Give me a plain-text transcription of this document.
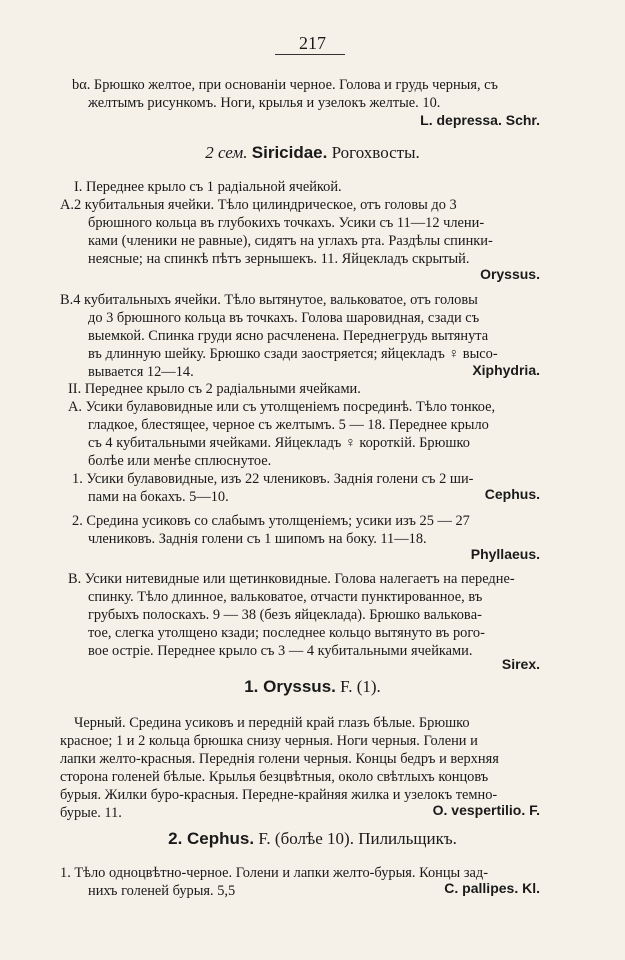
217
bα. Брюшко желтое, при основаніи черное. Голова и грудь черныя, съ
желтымъ рисункомъ. Ноги, крылья и узелокъ желтые. 10.
L. depressa. Schr.
2 сем. Siricidae. Рогохвосты.
I. Переднее крыло съ 1 радіальной ячейкой.
A.2 кубитальныя ячейки. Тѣло цилиндрическое, отъ головы до 3
брюшного кольца въ глубокихъ точкахъ. Усики съ 11—12 члени-
ками (членики не равные), сидятъ на углахъ рта. Раздѣлы спинки-
неясные; на спинкѣ пѣтъ зернышекъ. 11. Яйцекладъ скрытый.
Oryssus.
B.4 кубитальныхъ ячейки. Тѣло вытянутое, вальковатое, отъ головы
до 3 брюшного кольца въ точкахъ. Голова шаровидная, сзади съ
выемкой. Спинка груди ясно расчленена. Переднегрудь вытянута
въ длинную шейку. Брюшко сзади заостряется; яйцекладъ ♀ высо-
вывается 12—14.	Xiphydria.
II. Переднее крыло съ 2 радіальными ячейками.
A. Усики булавовидные или съ утолщеніемъ посрединѣ. Тѣло тонкое,
гладкое, блестящее, черное съ желтымъ. 5 — 18. Переднее крыло
съ 4 кубитальными ячейками. Яйцекладъ ♀ короткій. Брюшко
болѣе или менѣе сплюснутое.
1. Усики булавовидные, изъ 22 члениковъ. Заднія голени съ 2 ши-
пами на бокахъ. 5—10.	Cephus.
2. Средина усиковъ со слабымъ утолщеніемъ; усики изъ 25 — 27
члениковъ. Заднія голени съ 1 шипомъ на боку. 11—18.
Phyllaeus.
B. Усики нитевидные или щетинковидные. Голова налегаетъ на передне-
спинку. Тѣло длинное, вальковатое, отчасти пунктированное, въ
грубыхъ полоскахъ. 9 — 38 (безъ яйцеклада). Брюшко вальковa-
тое, слегка утолщено кзади; последнее кольцо вытянуто въ рого-
вое остріе. Переднее крыло съ 3 — 4 кубитальными ячейками.
Sirex.
1. Oryssus. F. (1).
Черный. Средина усиковъ и передній край глазъ бѣлые. Брюшко
красное; 1 и 2 кольца брюшка снизу черныя. Ноги черныя. Голени и
лапки желто-красныя. Переднія голени черныя. Концы бедръ и верхняя
сторона голеней бѣлые. Крылья безцвѣтныя, около свѣтлыхъ концовъ
бурыя. Жилки буро-красныя. Передне-крайняя жилка и узелокъ темно-
бурые. 11.	O. vespertilio. F.
2. Cephus. F. (болѣе 10). Пилильщикъ.
1. Тѣло одноцвѣтно-черное. Голени и лапки желто-бурыя. Концы зад-
нихъ голеней бурыя. 5,5	C. pallipes. Kl.
